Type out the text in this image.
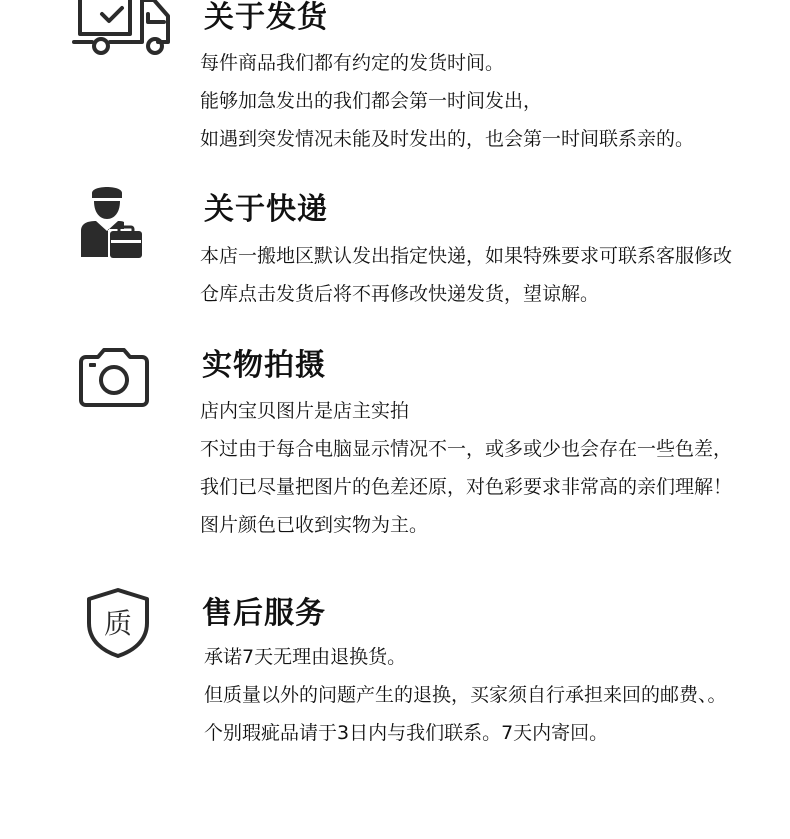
关于发货
每件商品我们都有约定的发货时间。
能够加急发出的我们都会第一时间发出，
如遇到突发情况未能及时发出的，也会第一时间联系亲的。
关于快递
本店一搬地区默认发出指定快递，如果特殊要求可联系客服修改
仓库点击发货后将不再修改快递发货，望谅解。
实物拍摄
店内宝贝图片是店主实拍
不过由于每合电脑显示情况不一，或多或少也会存在一些色差，
我们已尽量把图片的色差还原，对色彩要求非常高的亲们理解！
图片颜色已收到实物为主。
质 售后服务
承诺7天无理由退换货。
但质量以外的问题产生的退换，买家须自行承担来回的邮费、。
个别瑕疵品请于3日内与我们联系。7天内寄回。
